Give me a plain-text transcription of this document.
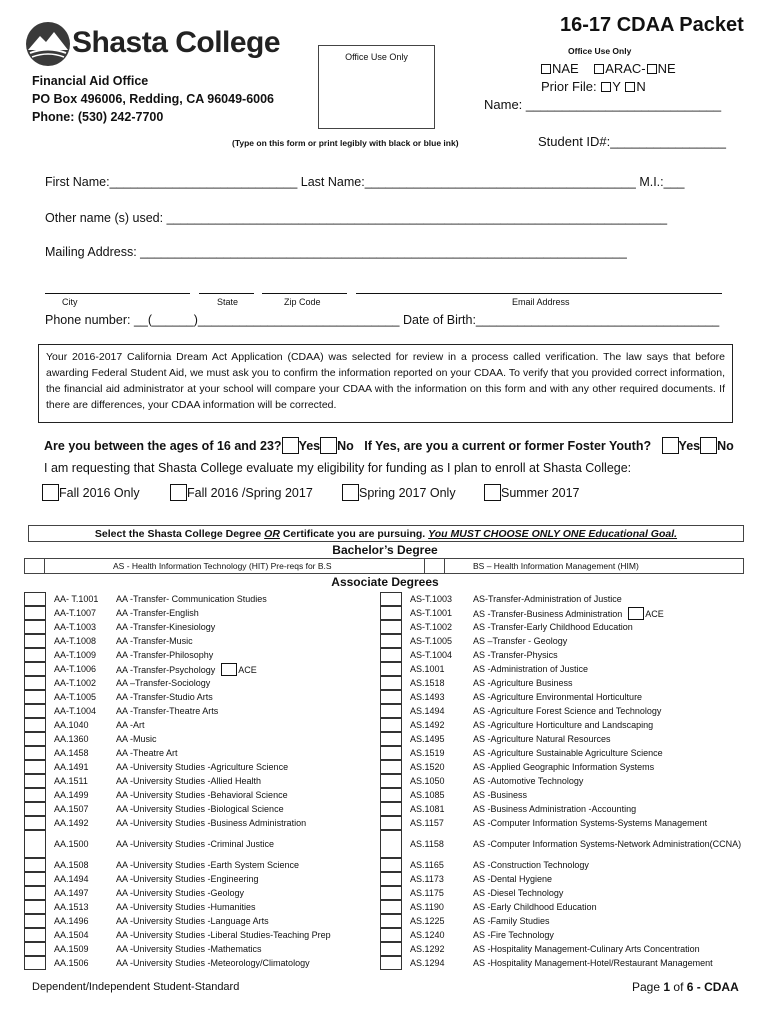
Shasta College
Financial Aid Office
PO Box 496006, Redding, CA 96049-6006
Phone: (530) 242-7700
Office Use Only
16-17 CDAA Packet
Office Use Only
NAE ARAC- NE
Prior File: Y N
Name: ___________________________
(Type on this form or print legibly with black or blue ink)	Student ID#:________________
First Name:___________________________ Last Name:_______________________________________ M.I.:___
Other name (s) used: ________________________________________________________________________
Mailing Address: ______________________________________________________________________
City	State	Zip Code	Email Address
Phone number: __(______)_____________________________ Date of Birth:___________________________________
Your 2016-2017 California Dream Act Application (CDAA) was selected for review in a process called verification. The law says that before awarding Federal Student Aid, we must ask you to confirm the information reported on your CDAA. To verify that you provided correct information, the financial aid administrator at your school will compare your CDAA with the information on this form and with any other required documents. If there are differences, your CDAA information will be corrected.
Are you between the ages of 16 and 23? Yes No If Yes, are you a current or former Foster Youth? Yes No
I am requesting that Shasta College evaluate my eligibility for funding as I plan to enroll at Shasta College:
Fall 2016 Only	Fall 2016 /Spring 2017	Spring 2017 Only	Summer 2017
Select the Shasta College Degree OR Certificate you are pursuing. You MUST CHOOSE ONLY ONE Educational Goal.
Bachelor’s Degree
AS - Health Information Technology (HIT) Pre-reqs for B.S	BS – Health Information Management (HIM)
Associate Degrees
AA- T.1001	AA -Transfer- Communication Studies
AA-T.1007	AA -Transfer-English
AA-T.1003	AA -Transfer-Kinesiology
AA-T.1008	AA -Transfer-Music
AA-T.1009	AA -Transfer-Philosophy
AA-T.1006	AA -Transfer-Psychology	ACE
AA-T.1002	AA –Transfer-Sociology
AA-T.1005	AA -Transfer-Studio Arts
AA-T.1004	AA -Transfer-Theatre Arts
AA.1040	AA -Art
AA.1360	AA -Music
AA.1458	AA -Theatre Art
AA.1491	AA -University Studies -Agriculture Science
AA.1511	AA -University Studies -Allied Health
AA.1499	AA -University Studies -Behavioral Science
AA.1507	AA -University Studies -Biological Science
AA.1492	AA -University Studies -Business Administration
AA.1500	AA -University Studies -Criminal Justice
AA.1508	AA -University Studies -Earth System Science
AA.1494	AA -University Studies -Engineering
AA.1497	AA -University Studies -Geology
AA.1513	AA -University Studies -Humanities
AA.1496	AA -University Studies -Language Arts
AA.1504	AA -University Studies -Liberal Studies-Teaching Prep
AA.1509	AA -University Studies -Mathematics
AA.1506	AA -University Studies -Meteorology/Climatology
AS-T.1003	AS-Transfer-Administration of Justice
AS-T.1001	AS -Transfer-Business Administration	ACE
AS-T.1002	AS -Transfer-Early Childhood Education
AS-T.1005	AS –Transfer - Geology
AS-T.1004	AS -Transfer-Physics
AS.1001	AS -Administration of Justice
AS.1518	AS -Agriculture Business
AS.1493	AS -Agriculture Environmental Horticulture
AS.1494	AS -Agriculture Forest Science and Technology
AS.1492	AS -Agriculture Horticulture and Landscaping
AS.1495	AS -Agriculture Natural Resources
AS.1519	AS -Agriculture Sustainable Agriculture Science
AS.1520	AS -Applied Geographic Information Systems
AS.1050	AS -Automotive Technology
AS.1085	AS -Business
AS.1081	AS -Business Administration -Accounting
AS.1157	AS -Computer Information Systems-Systems Management
AS.1158	AS -Computer Information Systems-Network Administration(CCNA)
AS.1165	AS -Construction Technology
AS.1173	AS -Dental Hygiene
AS.1175	AS -Diesel Technology
AS.1190	AS -Early Childhood Education
AS.1225	AS -Family Studies
AS.1240	AS -Fire Technology
AS.1292	AS -Hospitality Management-Culinary Arts Concentration
AS.1294	AS -Hospitality Management-Hotel/Restaurant Management
Dependent/Independent Student-Standard	Page 1 of 6 - CDAA
